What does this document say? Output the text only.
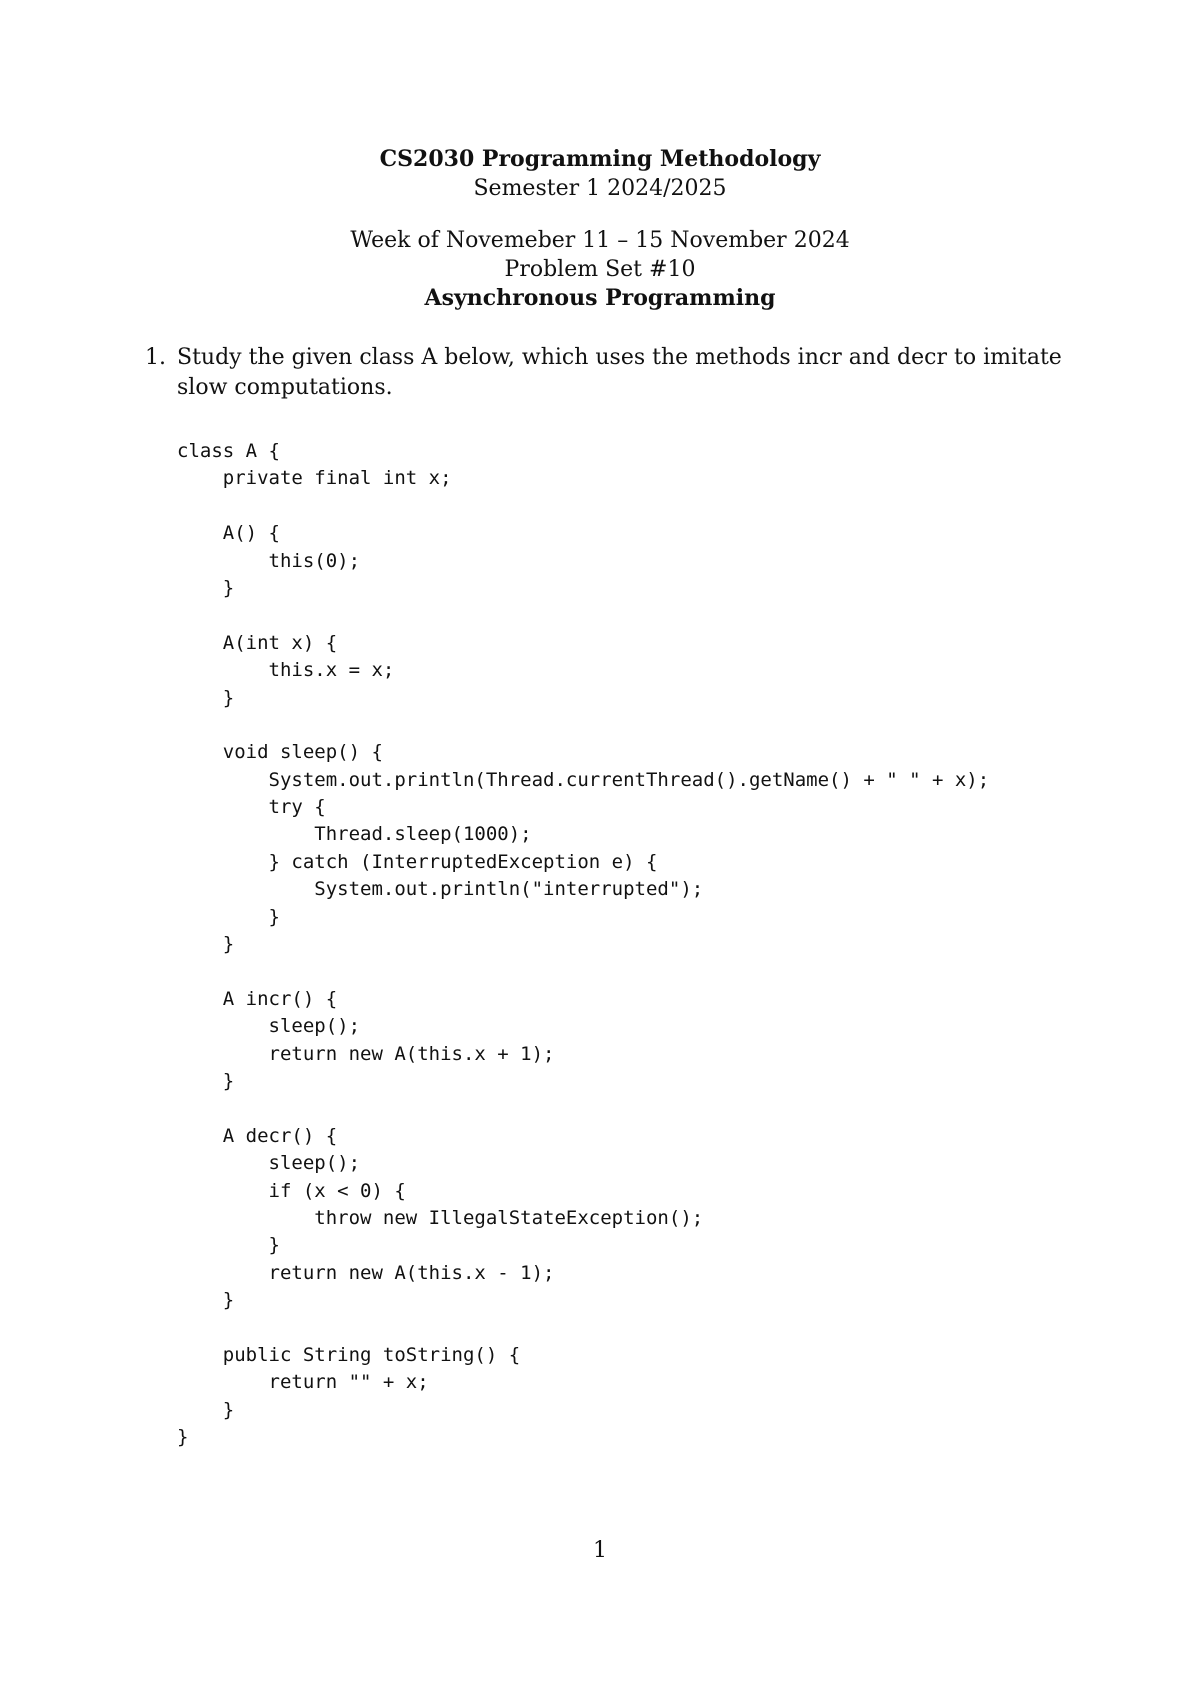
CS2030 Programming Methodology
Semester 1 2024/2025
Week of Novemeber 11 – 15 November 2024
Problem Set #10
Asynchronous Programming
1. Study the given class A below, which uses the methods incr and decr to imitate slow computations.
class A {
private final int x;
A() {
this(0);
}
A(int x) {
this.x = x;
}
void sleep() {
System.out.println(Thread.currentThread().getName() + " " + x);
try {
Thread.sleep(1000);
} catch (InterruptedException e) {
System.out.println("interrupted");
}
}
A incr() {
sleep();
return new A(this.x + 1);
}
A decr() {
sleep();
if (x < 0) {
throw new IllegalStateException();
}
return new A(this.x - 1);
}
public String toString() {
return "" + x;
}
}
1
